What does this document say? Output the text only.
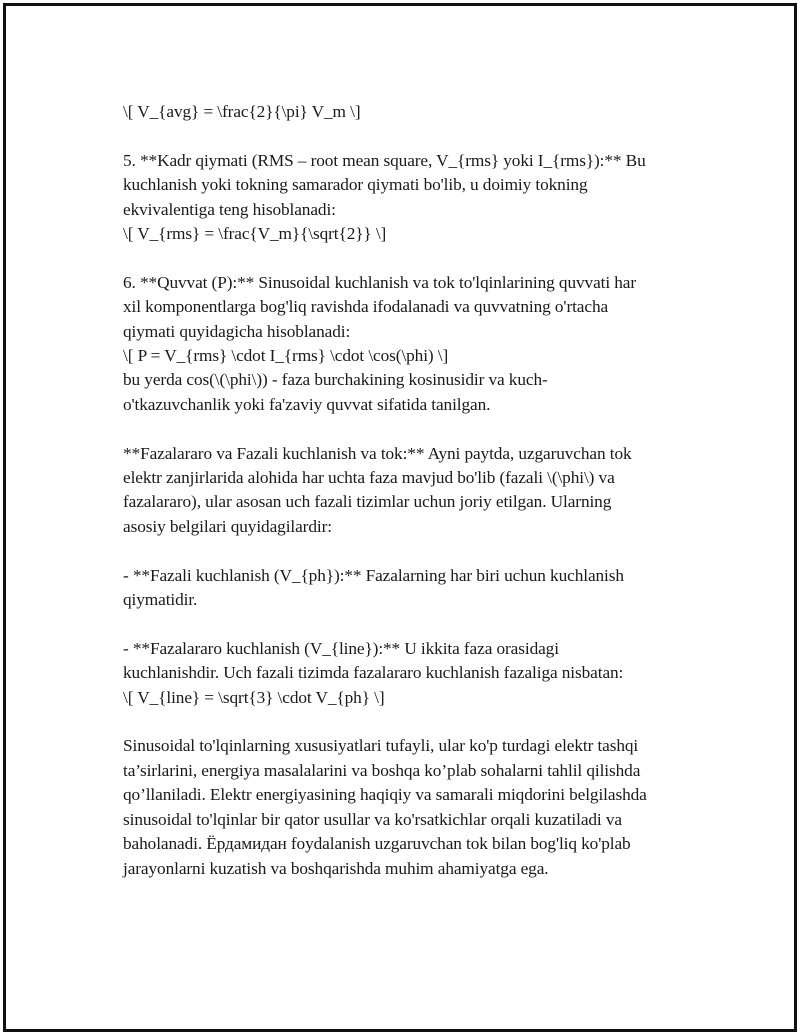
\[ V_{avg} = \frac{2}{\pi} V_m \]

5. **Kadr qiymati (RMS – root mean square, V_{rms} yoki I_{rms}):** Bu
kuchlanish yoki tokning samarador qiymati bo'lib, u doimiy tokning
ekvivalentiga teng hisoblanadi:
\[ V_{rms} = \frac{V_m}{\sqrt{2}} \]

6. **Quvvat (P):** Sinusoidal kuchlanish va tok to'lqinlarining quvvati har
xil komponentlarga bog'liq ravishda ifodalanadi va quvvatning o'rtacha
qiymati quyidagicha hisoblanadi:
\[ P = V_{rms} \cdot I_{rms} \cdot \cos(\phi) \]
bu yerda cos(\(\phi\)) - faza burchakining kosinusidir va kuch-
o'tkazuvchanlik yoki fa'zaviy quvvat sifatida tanilgan.

**Fazalararo va Fazali kuchlanish va tok:** Ayni paytda, uzgaruvchan tok
elektr zanjirlarida alohida har uchta faza mavjud bo'lib (fazali \(\phi\) va
fazalararo), ular asosan uch fazali tizimlar uchun joriy etilgan. Ularning
asosiy belgilari quyidagilardir:

- **Fazali kuchlanish (V_{ph}):** Fazalarning har biri uchun kuchlanish
qiymatidir.

- **Fazalararo kuchlanish (V_{line}):** U ikkita faza orasidagi
kuchlanishdir. Uch fazali tizimda fazalararo kuchlanish fazaliga nisbatan:
\[ V_{line} = \sqrt{3} \cdot V_{ph} \]

Sinusoidal to'lqinlarning xususiyatlari tufayli, ular ko'p turdagi elektr tashqi
ta’sirlarini, energiya masalalarini va boshqa ko’plab sohalarni tahlil qilishda
qo’llaniladi. Elektr energiyasining haqiqiy va samarali miqdorini belgilashda
sinusoidal to'lqinlar bir qator usullar va ko'rsatkichlar orqali kuzatiladi va
baholanadi. Ёрдамидан foydalanish uzgaruvchan tok bilan bog'liq ko'plab
jarayonlarni kuzatish va boshqarishda muhim ahamiyatga ega.
